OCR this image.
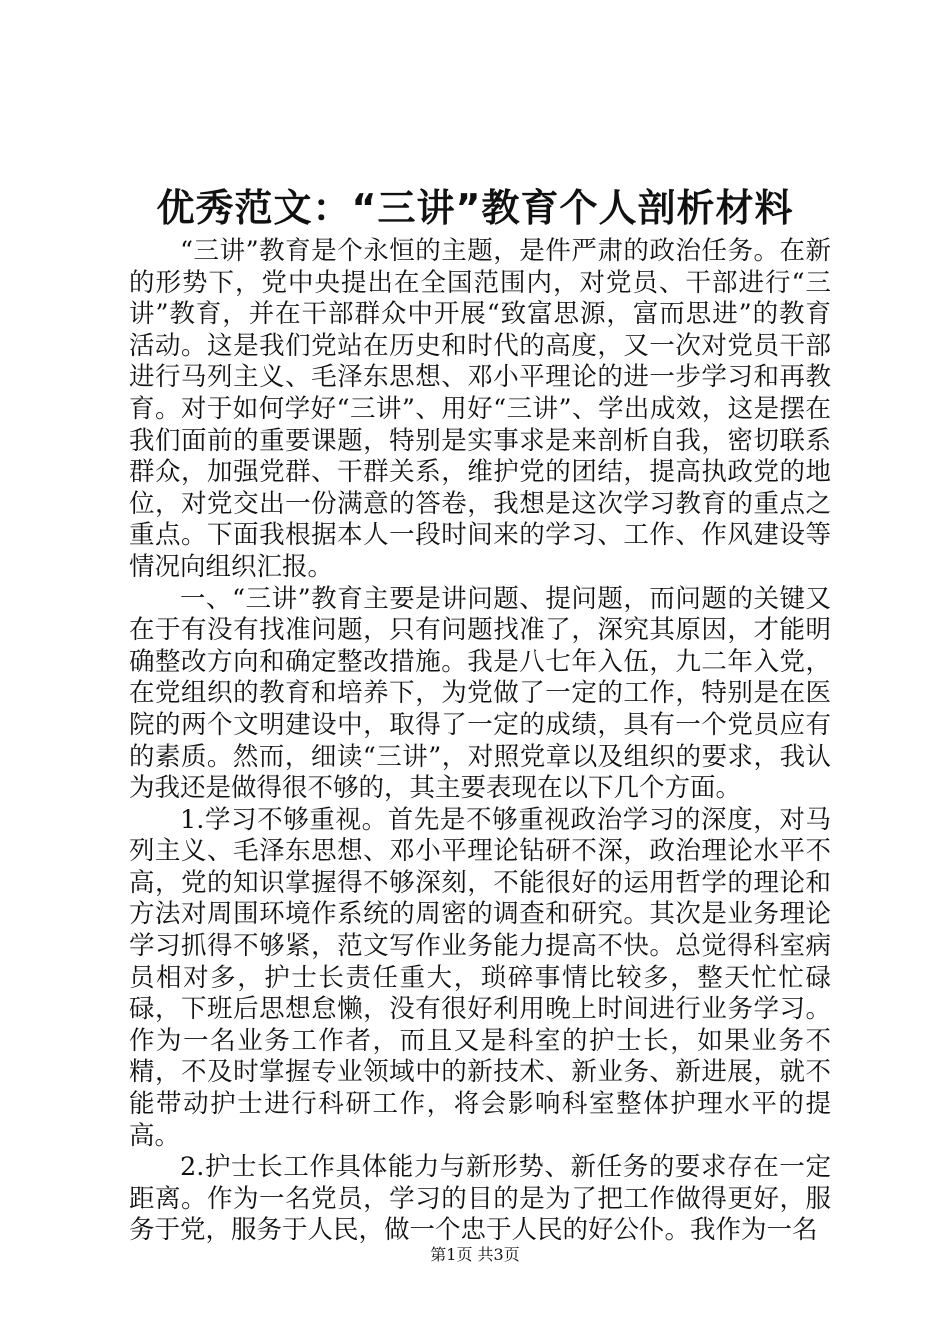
优秀范文：“三讲”教育个人剖析材料

“三讲”教育是个永恒的主题，是件严肃的政治任务。在新的形势下，党中央提出在全国范围内，对党员、干部进行“三讲”教育，并在干部群众中开展“致富思源，富而思进”的教育活动。这是我们党站在历史和时代的高度，又一次对党员干部进行马列主义、毛泽东思想、邓小平理论的进一步学习和再教育。对于如何学好“三讲”、用好“三讲”、学出成效，这是摆在我们面前的重要课题，特别是实事求是来剖析自我，密切联系群众，加强党群、干群关系，维护党的团结，提高执政党的地位，对党交出一份满意的答卷，我想是这次学习教育的重点之重点。下面我根据本人一段时间来的学习、工作、作风建设等情况向组织汇报。

一、“三讲”教育主要是讲问题、提问题，而问题的关键又在于有没有找准问题，只有问题找准了，深究其原因，才能明确整改方向和确定整改措施。我是八七年入伍，九二年入党，在党组织的教育和培养下，为党做了一定的工作，特别是在医院的两个文明建设中，取得了一定的成绩，具有一个党员应有的素质。然而，细读“三讲”，对照党章以及组织的要求，我认为我还是做得很不够的，其主要表现在以下几个方面。

1.学习不够重视。首先是不够重视政治学习的深度，对马列主义、毛泽东思想、邓小平理论钻研不深，政治理论水平不高，党的知识掌握得不够深刻，不能很好的运用哲学的理论和方法对周围环境作系统的周密的调查和研究。其次是业务理论学习抓得不够紧，范文写作业务能力提高不快。总觉得科室病员相对多，护士长责任重大，琐碎事情比较多，整天忙忙碌碌，下班后思想怠懒，没有很好利用晚上时间进行业务学习。作为一名业务工作者，而且又是科室的护士长，如果业务不精，不及时掌握专业领域中的新技术、新业务、新进展，就不能带动护士进行科研工作，将会影响科室整体护理水平的提高。

2.护士长工作具体能力与新形势、新任务的要求存在一定距离。作为一名党员，学习的目的是为了把工作做得更好，服务于党，服务于人民，做一个忠于人民的好公仆。我作为一名

第1页 共3页
